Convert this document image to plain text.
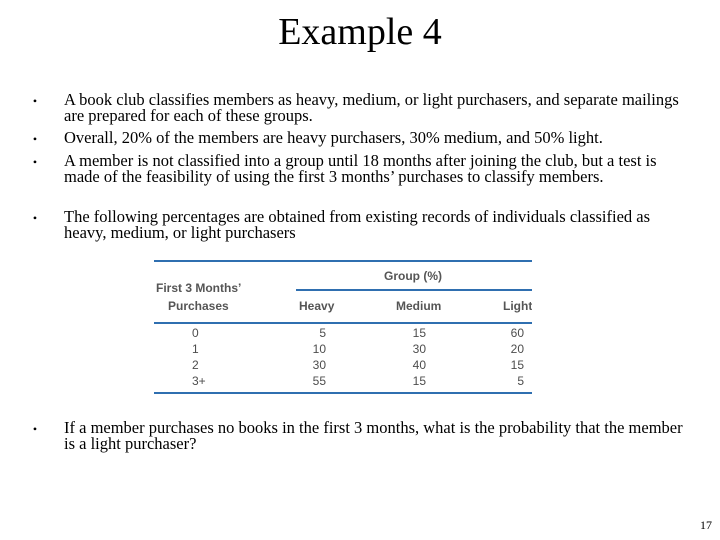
Example 4
• A book club classifies members as heavy, medium, or light purchasers, and separate mailings are prepared for each of these groups.
• Overall, 20% of the members are heavy purchasers, 30% medium, and 50% light.
• A member is not classified into a group until 18 months after joining the club, but a test is made of the feasibility of using the first 3 months’ purchases to classify members.
• The following percentages are obtained from existing records of individuals classified as heavy, medium, or light purchasers
• If a member purchases no books in the first 3 months, what is the probability that the member is a light purchaser?
Group (%)
First 3 Months’
Purchases	Heavy	Medium	Light
0	5	15	60
1	10	30	20
2	30	40	15
3+	55	15	5
17
